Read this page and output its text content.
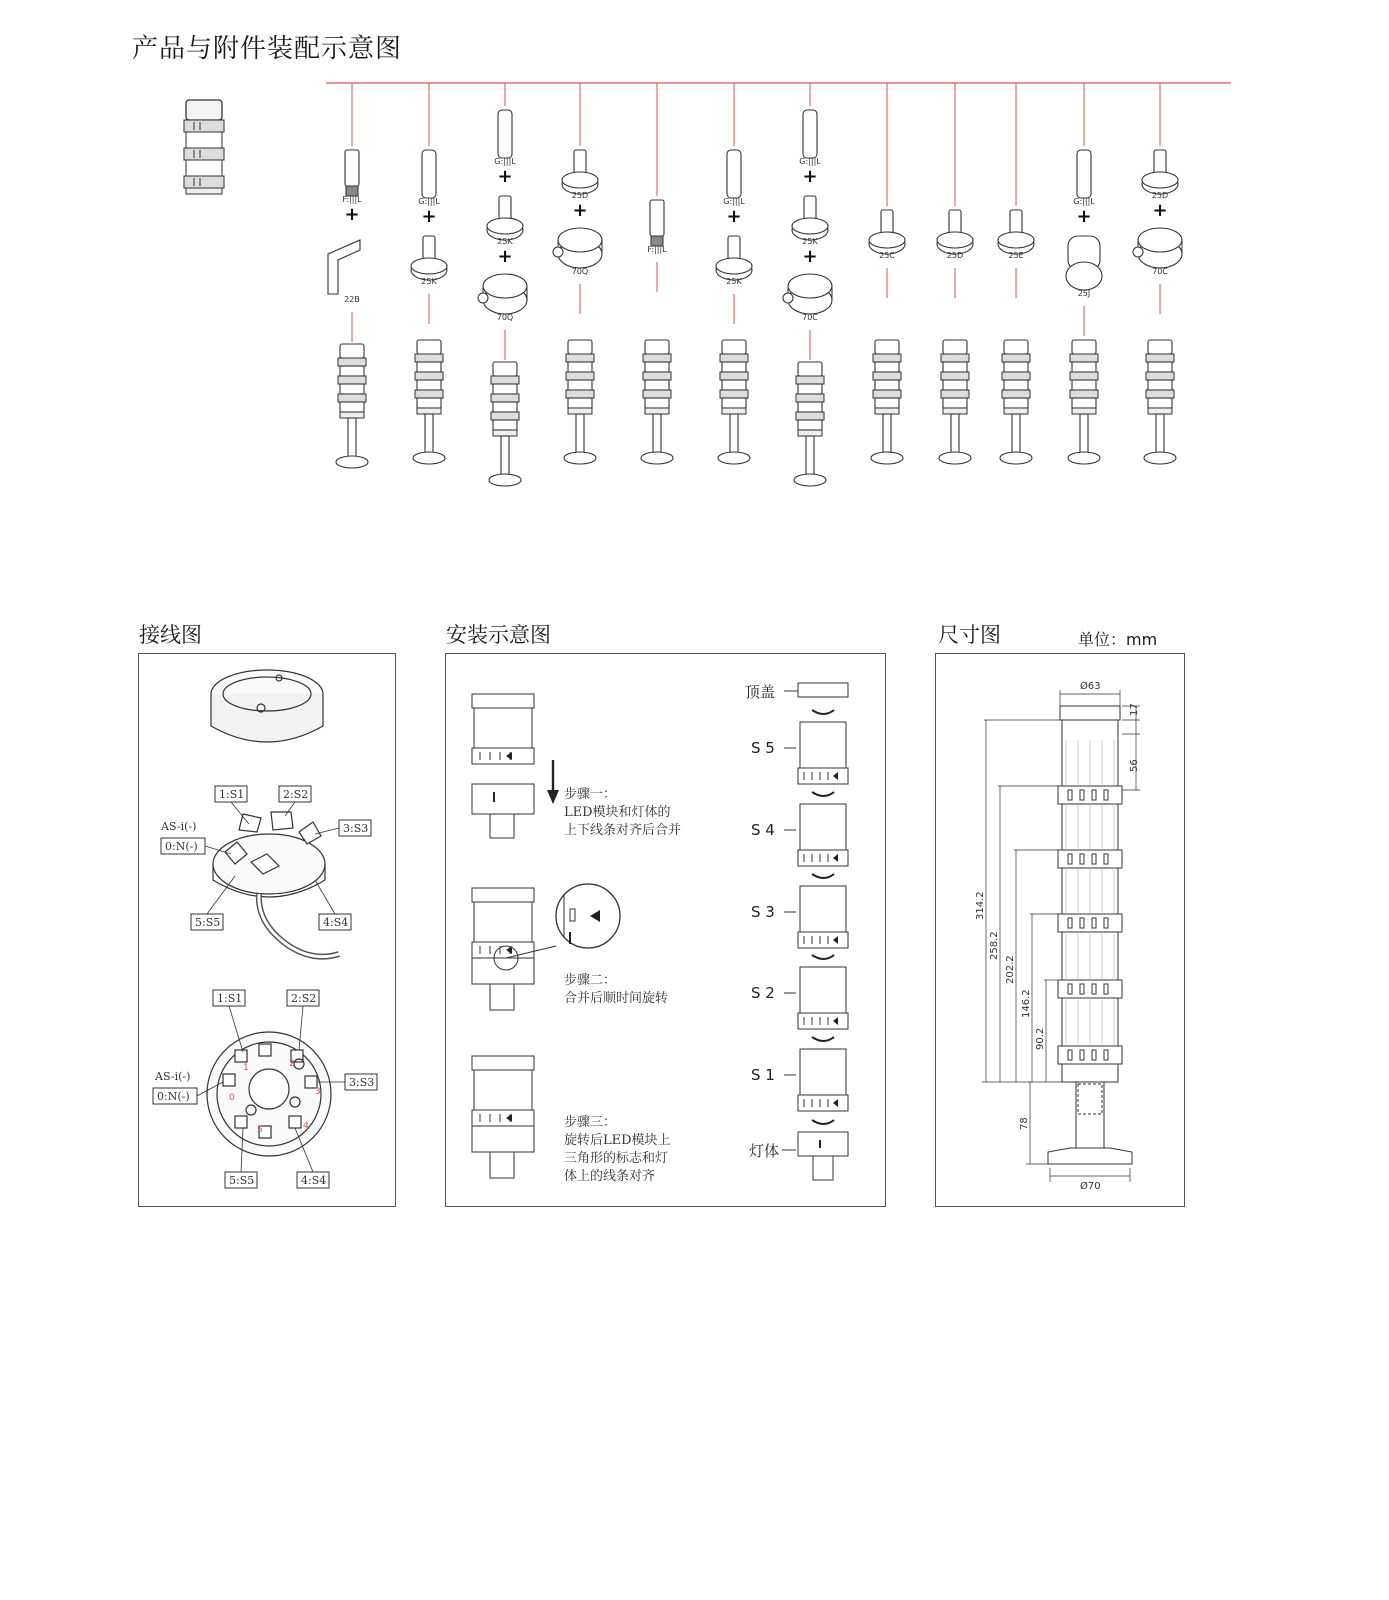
产品与附件装配示意图
F:|||L
+
22B
G:|||L
+
25K
G:|||L
+
25K
+
70Q
25D
+
70Q
F:|||L
G:|||L
+
25K
G:|||L
+
25K
+
70C
25C	25D	25E
G:|||L
+
25J
25D
+
70C
接线图	安装示意图	尺寸图	单位：mm
1:S1	2:S2
3:S3
AS-i(-)
0:N(-)
5:S5	4:S4
1	2
3
4
5
0
1:S1	2:S2
3:S3
AS-i(-)
0:N(-)
5:S5	4:S4
步骤一：
LED模块和灯体的
上下线条对齐后合并
步骤二：
合并后顺时间旋转
步骤三：
旋转后LED模块上
三角形的标志和灯
体上的线条对齐
顶盖
S 5
S 4
S 3
S 2
S 1
灯体
Ø63
Ø70
17
56
314.2
258.2
202.2
146.2
90.2
78
